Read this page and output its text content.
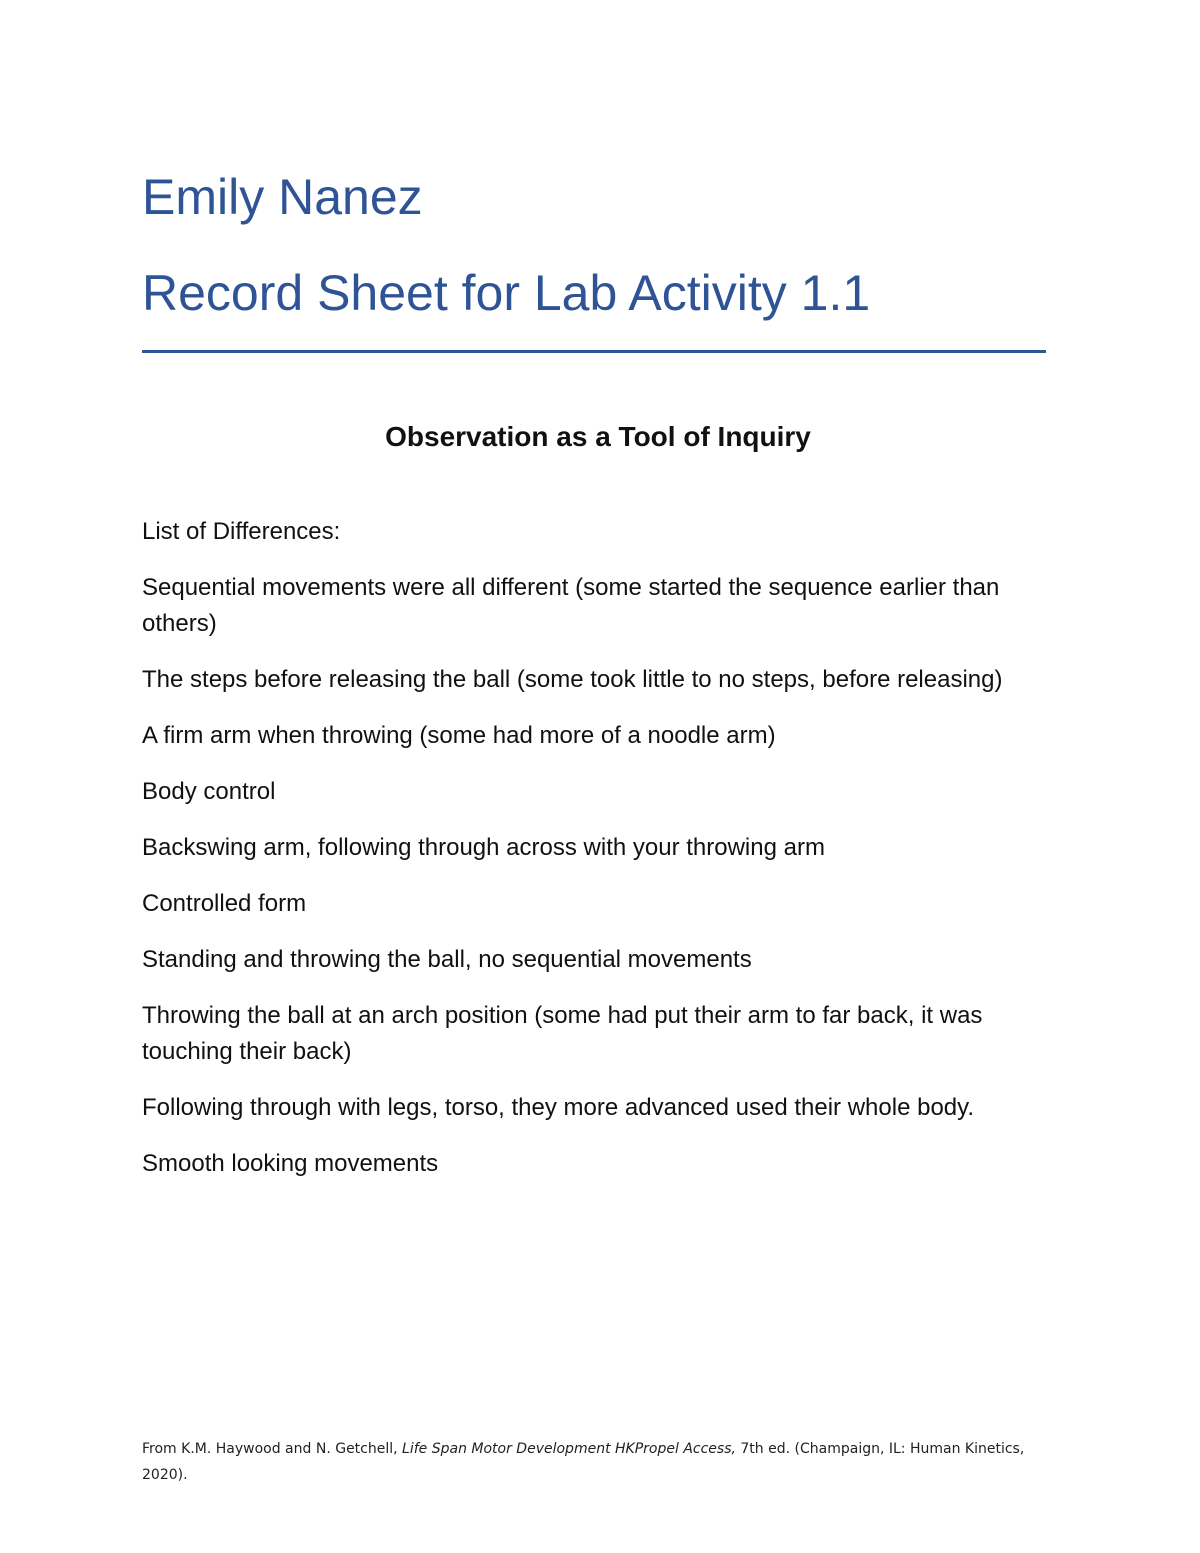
Emily Nanez
Record Sheet for Lab Activity 1.1
Observation as a Tool of Inquiry

List of Differences:

Sequential movements were all different (some started the sequence earlier than others)

The steps before releasing the ball (some took little to no steps, before releasing)

A firm arm when throwing (some had more of a noodle arm)

Body control

Backswing arm, following through across with your throwing arm

Controlled form

Standing and throwing the ball, no sequential movements

Throwing the ball at an arch position (some had put their arm to far back, it was touching their back)

Following through with legs, torso, they more advanced used their whole body.

Smooth looking movements

From K.M. Haywood and N. Getchell, Life Span Motor Development HKPropel Access, 7th ed. (Champaign, IL: Human Kinetics, 2020).
